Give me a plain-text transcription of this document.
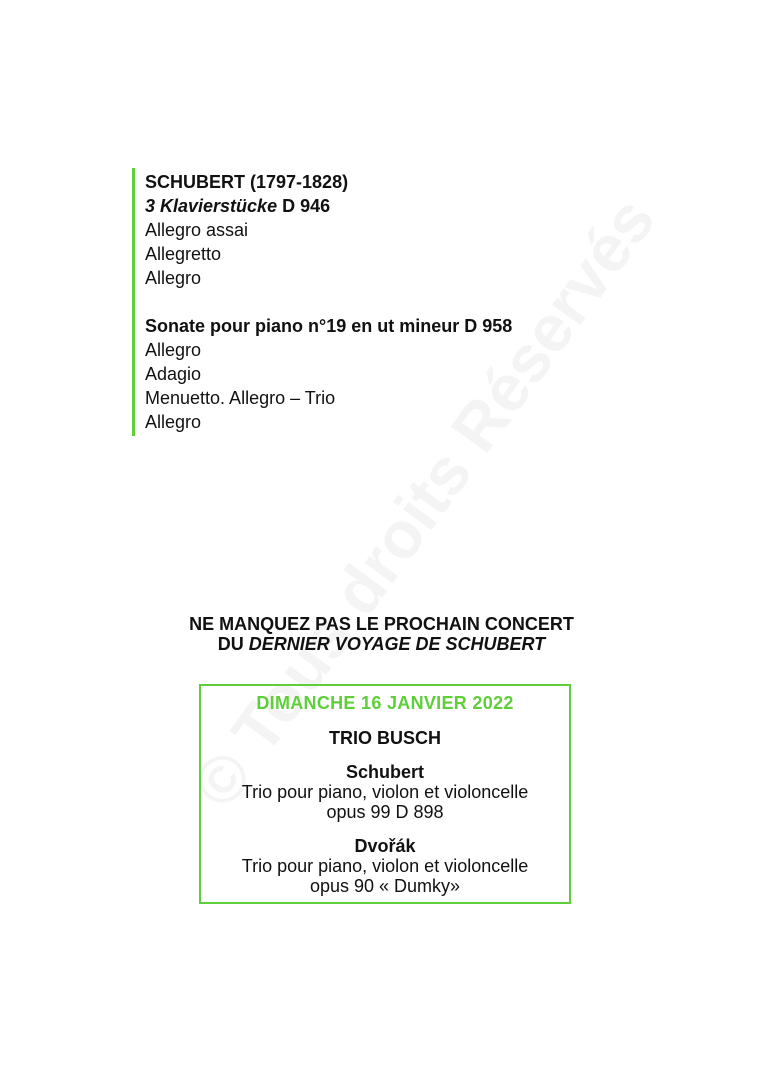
SCHUBERT (1797-1828)

3 Klavierstücke D 946

Allegro assai

Allegretto

Allegro

Sonate pour piano n°19 en ut mineur D 958

Allegro

Adagio

Menuetto. Allegro – Trio

Allegro

NE MANQUEZ PAS LE PROCHAIN CONCERT
DU DERNIER VOYAGE DE SCHUBERT
DIMANCHE 16 JANVIER 2022
TRIO BUSCH
Schubert
Trio pour piano, violon et violoncelle
opus 99 D 898
Dvořák
Trio pour piano, violon et violoncelle
opus 90 « Dumky»
